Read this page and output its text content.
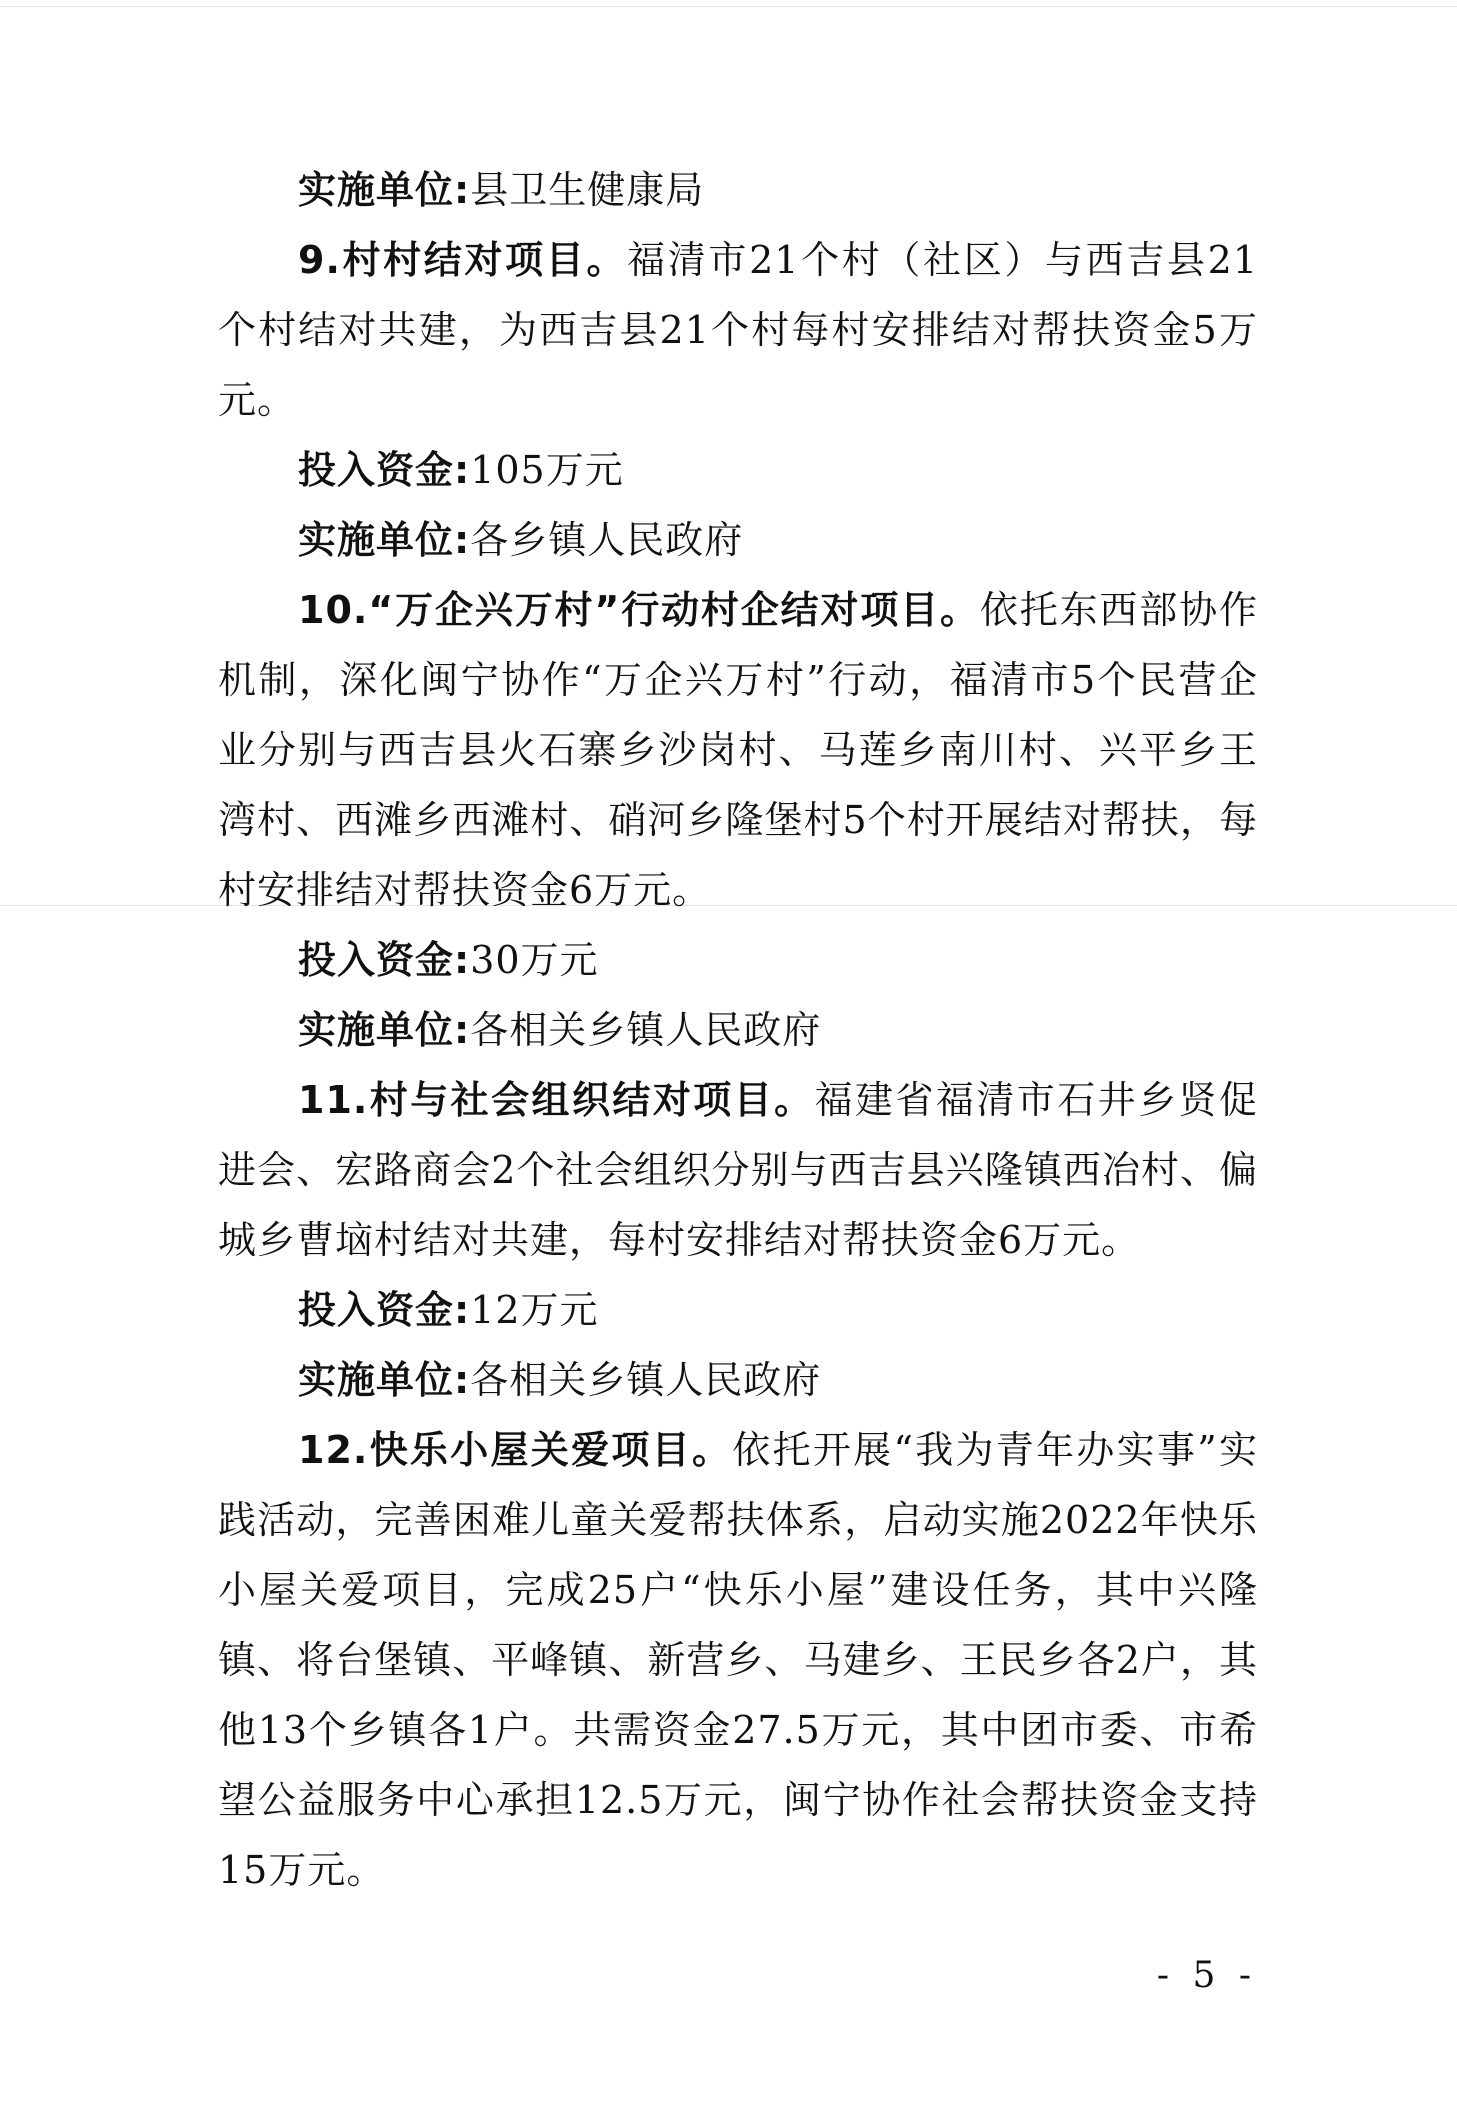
实施单位:县卫生健康局

9.村村结对项目。福清市21个村（社区）与西吉县21个村结对共建，为西吉县21个村每村安排结对帮扶资金5万元。

投入资金:105万元

实施单位:各乡镇人民政府

10.“万企兴万村”行动村企结对项目。依托东西部协作机制，深化闽宁协作“万企兴万村”行动，福清市5个民营企业分别与西吉县火石寨乡沙岗村、马莲乡南川村、兴平乡王湾村、西滩乡西滩村、硝河乡隆堡村5个村开展结对帮扶，每村安排结对帮扶资金6万元。

投入资金:30万元

实施单位:各相关乡镇人民政府

11.村与社会组织结对项目。福建省福清市石井乡贤促进会、宏路商会2个社会组织分别与西吉县兴隆镇西冶村、偏城乡曹垴村结对共建，每村安排结对帮扶资金6万元。

投入资金:12万元

实施单位:各相关乡镇人民政府

12.快乐小屋关爱项目。依托开展“我为青年办实事”实践活动，完善困难儿童关爱帮扶体系，启动实施2022年快乐小屋关爱项目，完成25户“快乐小屋”建设任务，其中兴隆镇、将台堡镇、平峰镇、新营乡、马建乡、王民乡各2户，其他13个乡镇各1户。共需资金27.5万元，其中团市委、市希望公益服务中心承担12.5万元，闽宁协作社会帮扶资金支持15万元。

- 5 -
